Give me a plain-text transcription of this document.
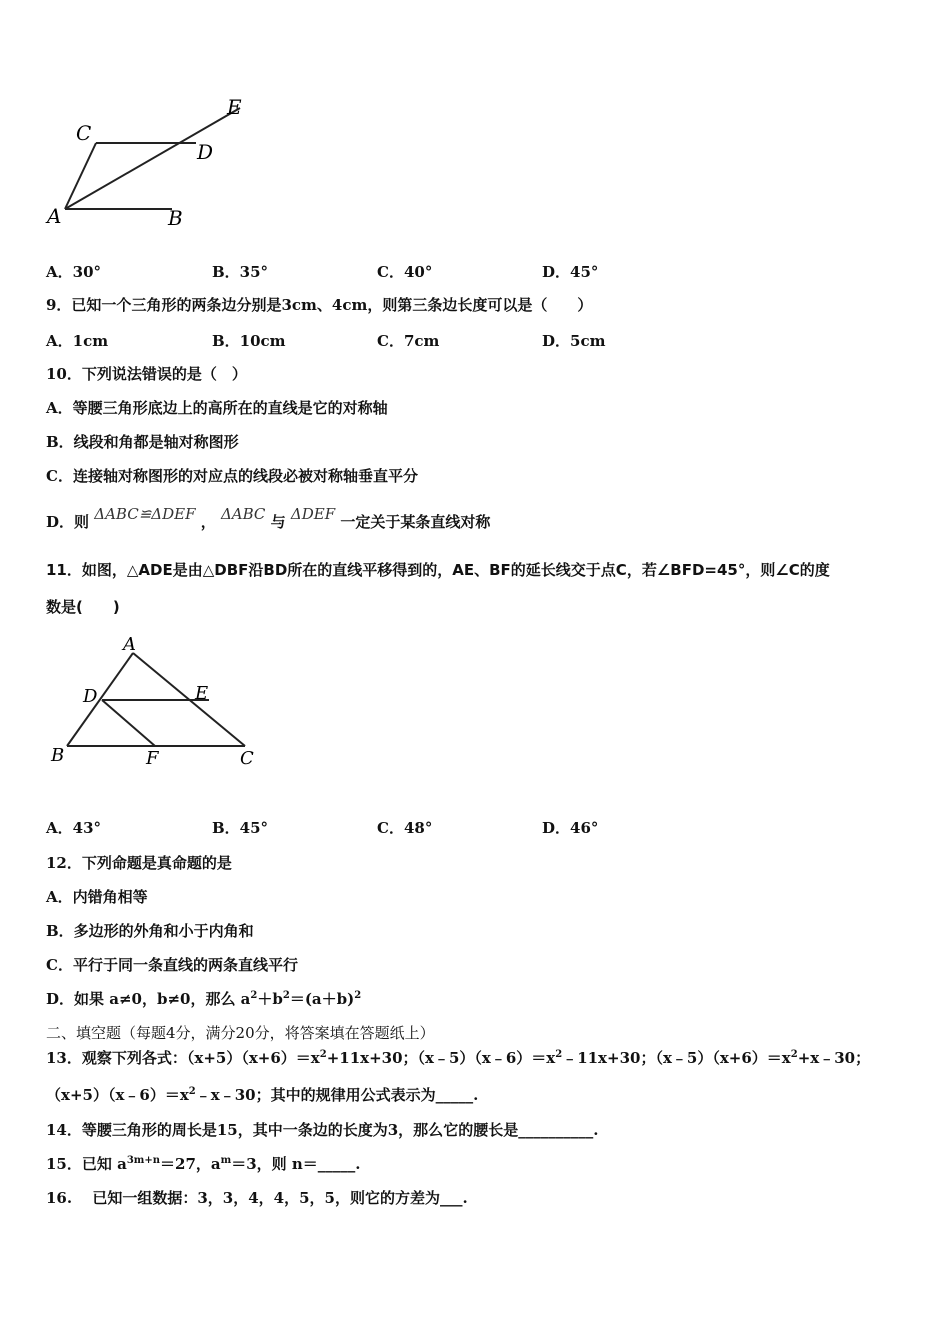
E
C
D
A	B
A．30°	B．35°	C．40°	D．45°
9．已知一个三角形的两条边分别是3cm、4cm，则第三条边长度可以是（　　）
A．1cm	B．10cm	C．7cm	D．5cm
10．下列说法错误的是（　）
A．等腰三角形底边上的高所在的直线是它的对称轴
B．线段和角都是轴对称图形
C．连接轴对称图形的对应点的线段必被对称轴垂直平分
D．则 ΔABC≌ΔDEF ， ΔABC 与 ΔDEF 一定关于某条直线对称
11．如图，△ADE是由△DBF沿BD所在的直线平移得到的，AE、BF的延长线交于点C，若∠BFD=45°，则∠C的度
数是(　　)
A
D	E
B	F	C
A．43°	B．45°	C．48°	D．46°
12．下列命题是真命题的是
A．内错角相等
B．多边形的外角和小于内角和
C．平行于同一条直线的两条直线平行
D．如果 a≠0，b≠0，那么 $a^2+b^2=(a+b)^2$
二、填空题（每题4分，满分20分，将答案填在答题纸上）
13．观察下列各式：$(x+5)(x+6)=x^2+11x+30$；$(x﹣5)(x﹣6)=x^2﹣11x+30$；$(x﹣5)(x+6)=x^2+x﹣30$；
$(x+5)(x﹣6)=x^2﹣x﹣30$；其中的规律用公式表示为_____.
14．等腰三角形的周长是15，其中一条边的长度为3，那么它的腰长是__________.
15．已知 $a^{3m+n}=27$，$a^m=3$，则 n＝_____.
16.　 已知一组数据：3，3，4，4，5，5，则它的方差为___.
